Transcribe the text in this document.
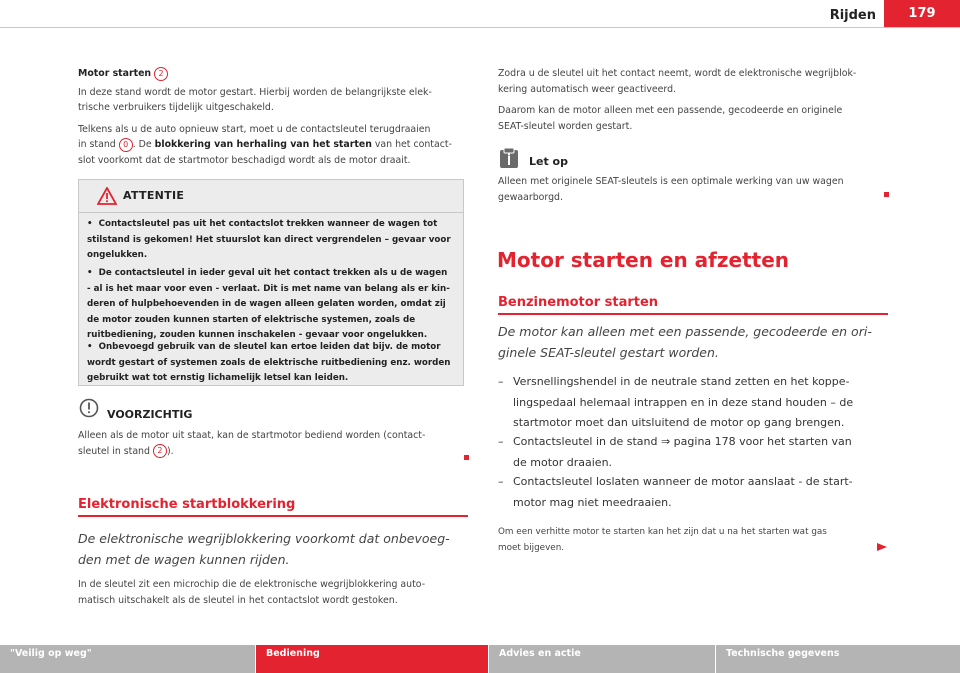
Rijden	179
Motor starten 2
In deze stand wordt de motor gestart. Hierbij worden de belangrijkste elek-
trische verbruikers tijdelijk uitgeschakeld.
Telkens als u de auto opnieuw start, moet u de contactsleutel terugdraaien
in stand 0 . De blokkering van herhaling van het starten van het contact-
slot voorkomt dat de startmotor beschadigd wordt als de motor draait.
ATTENTIE
•  Contactsleutel pas uit het contactslot trekken wanneer de wagen tot
stilstand is gekomen! Het stuurslot kan direct vergrendelen – gevaar voor
ongelukken.
•  De contactsleutel in ieder geval uit het contact trekken als u de wagen
- al is het maar voor even - verlaat. Dit is met name van belang als er kin-
deren of hulpbehoevenden in de wagen alleen gelaten worden, omdat zij
de motor zouden kunnen starten of elektrische systemen, zoals de
ruitbediening, zouden kunnen inschakelen - gevaar voor ongelukken.
•  Onbevoegd gebruik van de sleutel kan ertoe leiden dat bijv. de motor
wordt gestart of systemen zoals de elektrische ruitbediening enz. worden
gebruikt wat tot ernstig lichamelijk letsel kan leiden.
VOORZICHTIG
Alleen als de motor uit staat, kan de startmotor bediend worden (contact-
sleutel in stand 2 ).
Elektronische startblokkering
De elektronische wegrijblokkering voorkomt dat onbevoeg-
den met de wagen kunnen rijden.
In de sleutel zit een microchip die de elektronische wegrijblokkering auto-
matisch uitschakelt als de sleutel in het contactslot wordt gestoken.
Zodra u de sleutel uit het contact neemt, wordt de elektronische wegrijblok-
kering automatisch weer geactiveerd.
Daarom kan de motor alleen met een passende, gecodeerde en originele
SEAT-sleutel worden gestart.
Let op
Alleen met originele SEAT-sleutels is een optimale werking van uw wagen
gewaarborgd.
Motor starten en afzetten
Benzinemotor starten
De motor kan alleen met een passende, gecodeerde en ori-
ginele SEAT-sleutel gestart worden.
– Versnellingshendel in de neutrale stand zetten en het koppe-
lingspedaal helemaal intrappen en in deze stand houden – de
startmotor moet dan uitsluitend de motor op gang brengen.
– Contactsleutel in de stand ⇒ pagina 178 voor het starten van
de motor draaien.
– Contactsleutel loslaten wanneer de motor aanslaat - de start-
motor mag niet meedraaien.
Om een verhitte motor te starten kan het zijn dat u na het starten wat gas
moet bijgeven.
"Veilig op weg"	Bediening	Advies en actie	Technische gegevens
